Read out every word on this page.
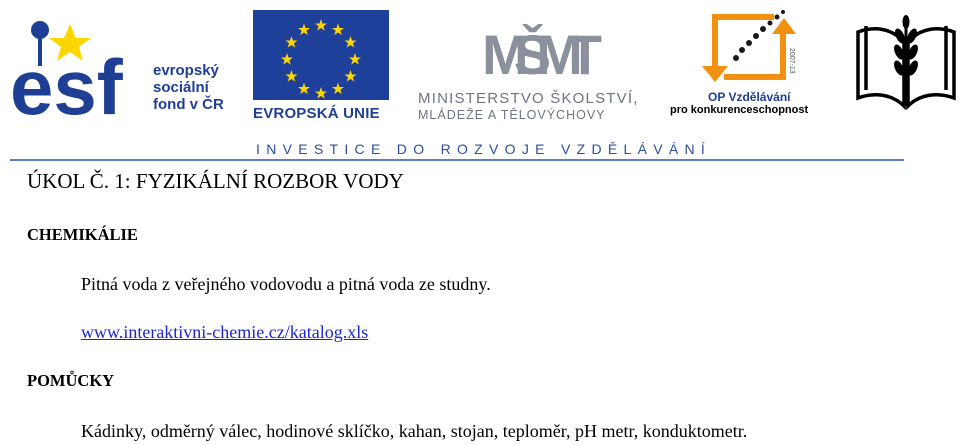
esf evropský
sociální
fond v ČR
EVROPSKÁ UNIE
MŠMT
MINISTERSTVO ŠKOLSTVÍ,
MLÁDEŽE A TĚLOVÝCHOVY
2007-13
OP Vzdělávání
pro konkurenceschopnost
INVESTICE DO ROZVOJE VZDĚLÁVÁNÍ
ÚKOL Č. 1: FYZIKÁLNÍ ROZBOR VODY
CHEMIKÁLIE
Pitná voda z veřejného vodovodu a pitná voda ze studny.
www.interaktivni-chemie.cz/katalog.xls
POMŮCKY
Kádinky, odměrný válec, hodinové sklíčko, kahan, stojan, teploměr, pH metr, konduktometr.
